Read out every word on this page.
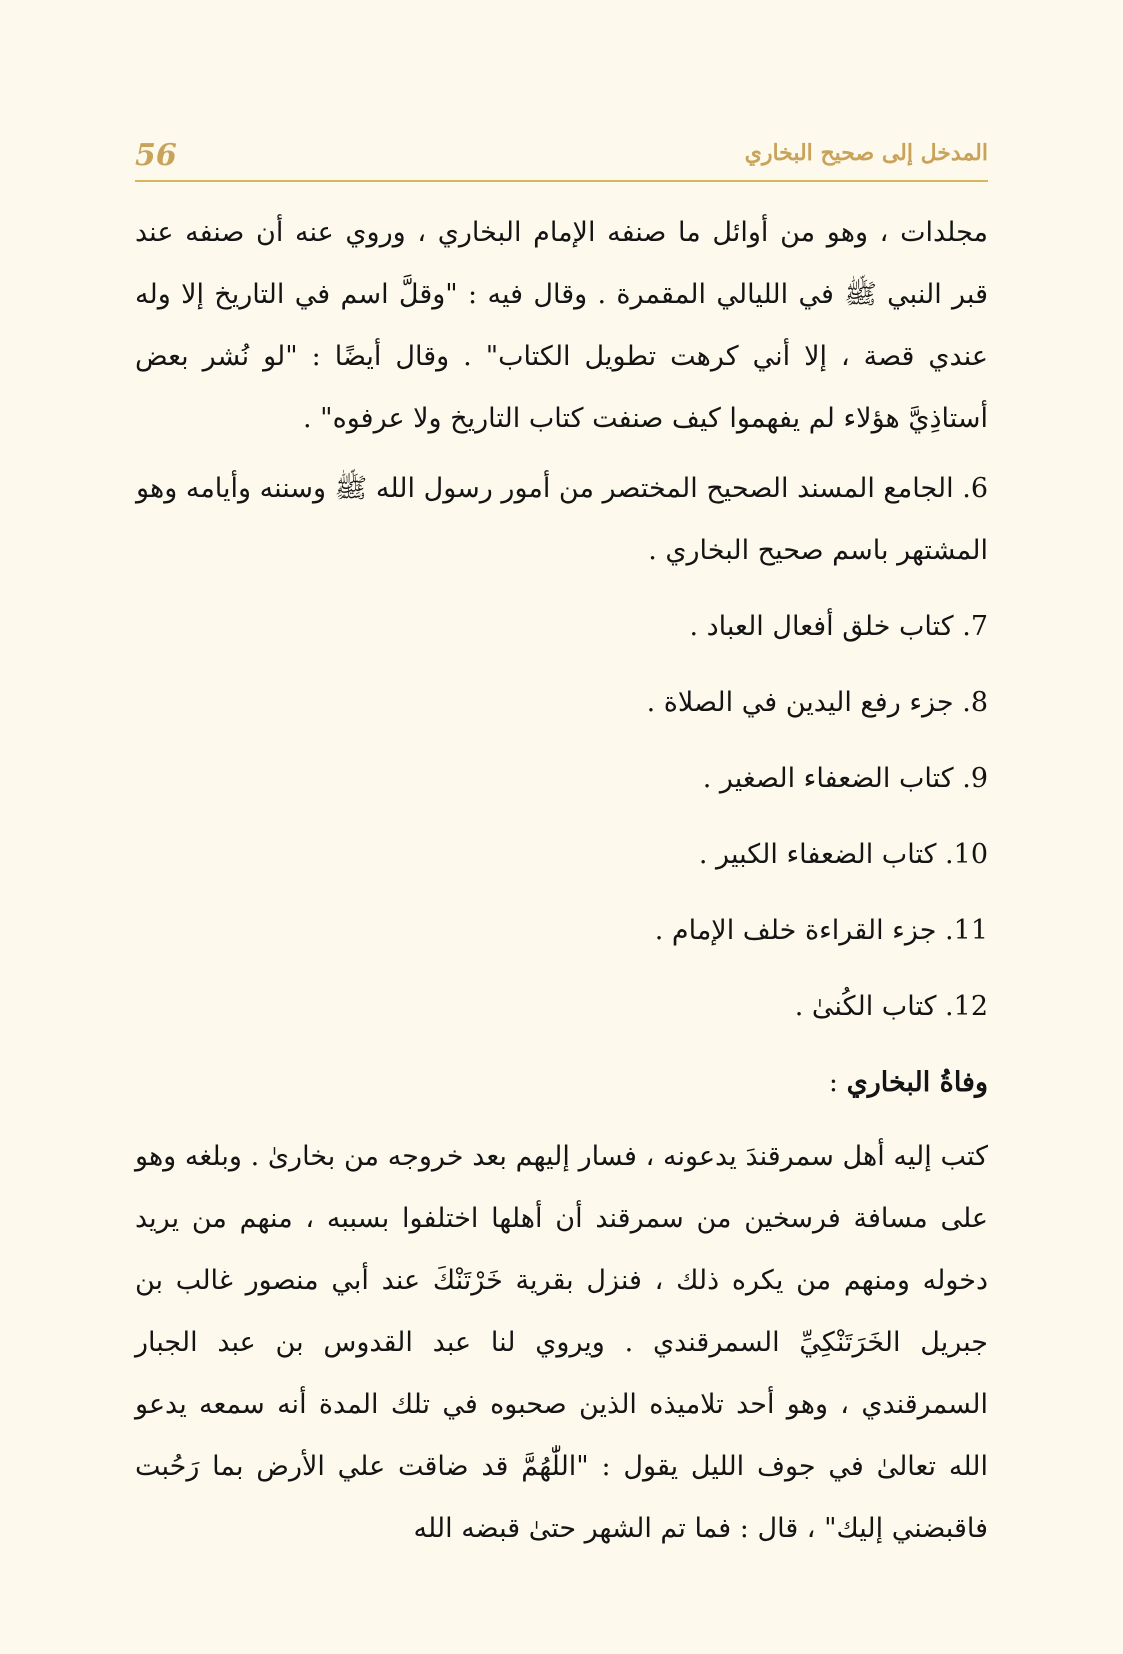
56	المدخل إلى صحيح البخاري

مجلدات ، وهو من أوائل ما صنفه الإمام البخاري ، وروي عنه أن صنفه عند قبر النبي ﷺ في الليالي المقمرة . وقال فيه : "وقلَّ اسم في التاريخ إلا وله عندي قصة ، إلا أني كرهت تطويل الكتاب" . وقال أيضًا : "لو نُشر بعض أستاذِيَّ هؤلاء لم يفهموا كيف صنفت كتاب التاريخ ولا عرفوه" .

6. الجامع المسند الصحيح المختصر من أمور رسول الله ﷺ وسننه وأيامه وهو المشتهر باسم صحيح البخاري .

7. كتاب خلق أفعال العباد .

8. جزء رفع اليدين في الصلاة .

9. كتاب الضعفاء الصغير .

10. كتاب الضعفاء الكبير .

11. جزء القراءة خلف الإمام .

12. كتاب الكُنىٰ .

وفاةُ البخاري :

كتب إليه أهل سمرقندَ يدعونه ، فسار إليهم بعد خروجه من بخارىٰ . وبلغه وهو على مسافة فرسخين من سمرقند أن أهلها اختلفوا بسببه ، منهم من يريد دخوله ومنهم من يكره ذلك ، فنزل بقرية خَرْتَنْكَ عند أبي منصور غالب بن جبريل الخَرَتَنْكِيِّ السمرقندي . ويروي لنا عبد القدوس بن عبد الجبار السمرقندي ، وهو أحد تلاميذه الذين صحبوه في تلك المدة أنه سمعه يدعو الله تعالىٰ في جوف الليل يقول : "اللّٰهُمَّ قد ضاقت علي الأرض بما رَحُبت فاقبضني إليك" ، قال : فما تم الشهر حتىٰ قبضه الله
